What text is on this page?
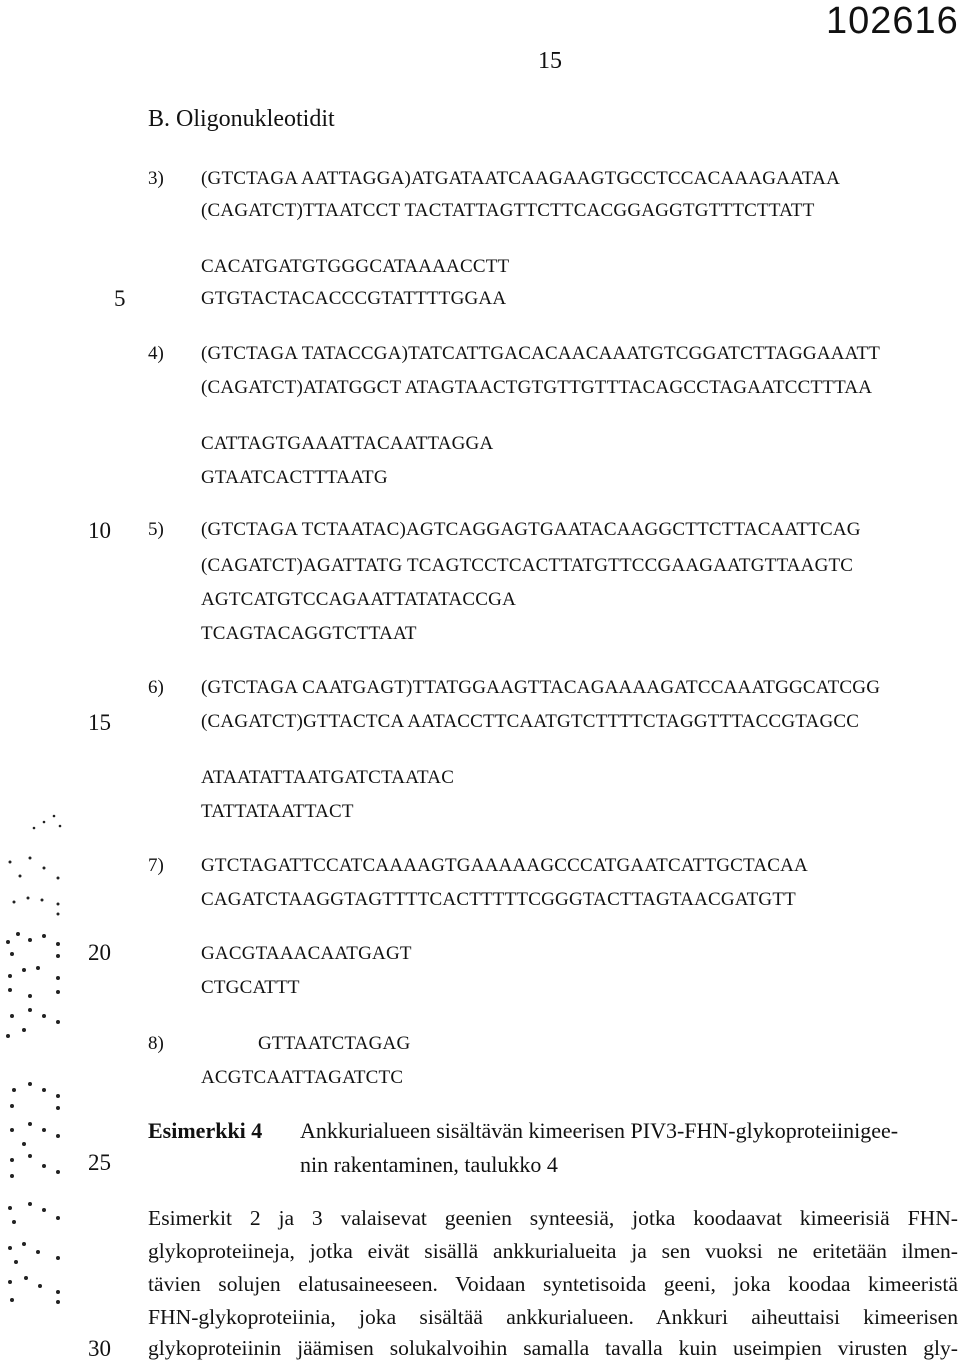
102616
15
B. Oligonukleotidit
5
10
15
20
25
30
3) (GTCTAGA AATTAGGA)ATGATAATCAAGAAGTGCCTCCACAAAGAATAA
(CAGATCT)TTAATCCT TACTATTAGTTCTTCACGGAGGTGTTTCTTATT
CACATGATGTGGGCATAAAACCTT
GTGTACTACACCCGTATTTTGGAA
4) (GTCTAGA TATACCGA)TATCATTGACACAACAAATGTCGGATCTTAGGAAATT
(CAGATCT)ATATGGCT ATAGTAACTGTGTTGTTTACAGCCTAGAATCCTTTAA
CATTAGTGAAATTACAATTAGGA
GTAATCACTTTAATG
5) (GTCTAGA TCTAATAC)AGTCAGGAGTGAATACAAGGCTTCTTACAATTCAG
(CAGATCT)AGATTATG TCAGTCCTCACTTATGTTCCGAAGAATGTTAAGTC
AGTCATGTCCAGAATTATATACCGA
TCAGTACAGGTCTTAAT
6) (GTCTAGA CAATGAGT)TTATGGAAGTTACAGAAAAGATCCAAATGGCATCGG
(CAGATCT)GTTACTCA AATACCTTCAATGTCTTTTCTAGGTTTACCGTAGCC
ATAATATTAATGATCTAATAC
TATTATAATTACT
7) GTCTAGATTCCATCAAAAGTGAAAAAGCCCATGAATCATTGCTACAA
CAGATCTAAGGTAGTTTTCACTTTTTCGGGTACTTAGTAACGATGTT
GACGTAAACAATGAGT
CTGCATTT
8)	GTTAATCTAGAG
ACGTCAATTAGATCTC
Esimerkki 4 Ankkurialueen sisältävän kimeerisen PIV3-FHN-glykoproteiinigee-
nin rakentaminen, taulukko 4
Esimerkit 2 ja 3 valaisevat geenien synteesiä, jotka koodaavat kimeerisiä FHN-
glykoproteiineja, jotka eivät sisällä ankkurialueita ja sen vuoksi ne eritetään ilmen-
tävien solujen elatusaineeseen. Voidaan syntetisoida geeni, joka koodaa kimeeristä
FHN-glykoproteiinia, joka sisältää ankkurialueen. Ankkuri aiheuttaisi kimeerisen
glykoproteiinin jäämisen solukalvoihin samalla tavalla kuin useimpien virusten gly-
